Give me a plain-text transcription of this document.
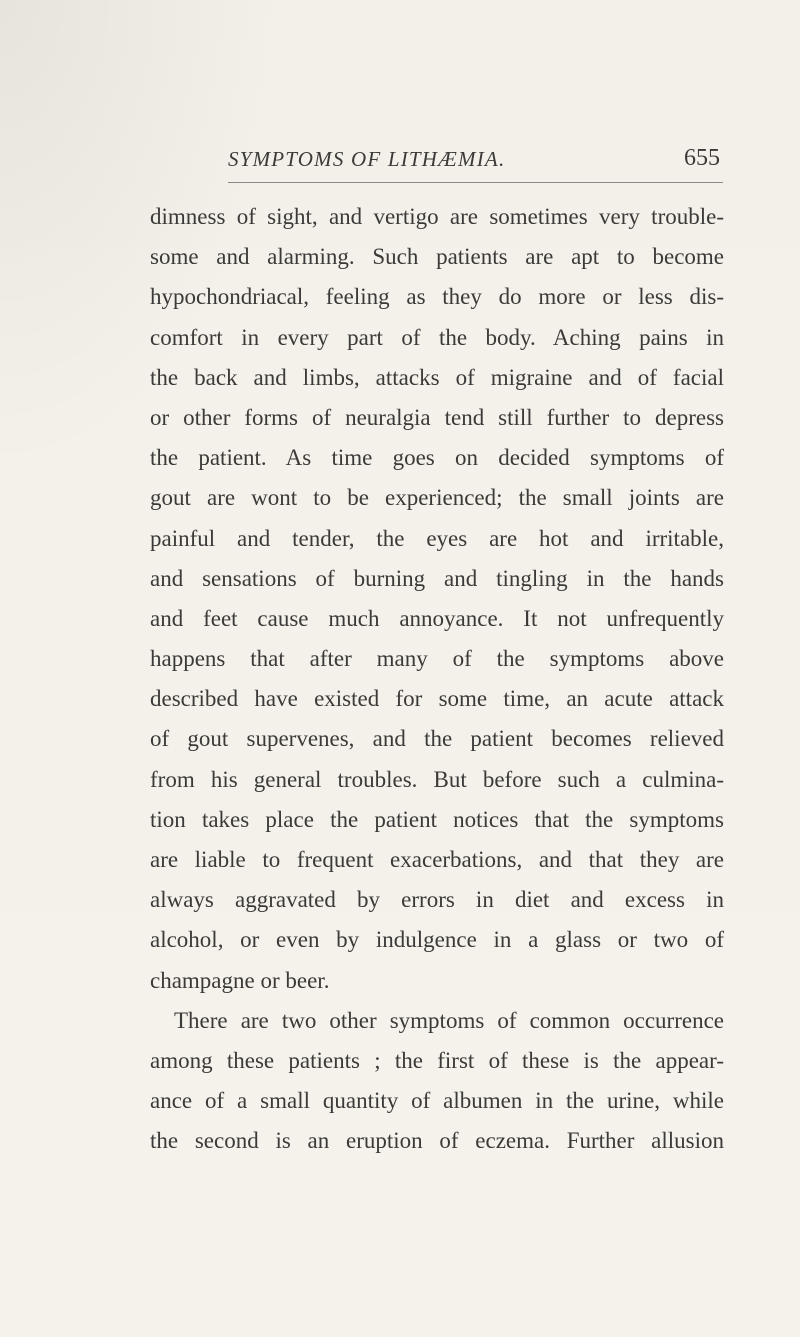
SYMPTOMS OF LITHÆMIA.	655
dimness of sight, and vertigo are sometimes very trouble-
some and alarming. Such patients are apt to become
hypochondriacal, feeling as they do more or less dis-
comfort in every part of the body. Aching pains in
the back and limbs, attacks of migraine and of facial
or other forms of neuralgia tend still further to depress
the patient. As time goes on decided symptoms of
gout are wont to be experienced; the small joints are
painful and tender, the eyes are hot and irritable,
and sensations of burning and tingling in the hands
and feet cause much annoyance. It not unfrequently
happens that after many of the symptoms above
described have existed for some time, an acute attack
of gout supervenes, and the patient becomes relieved
from his general troubles. But before such a culmina-
tion takes place the patient notices that the symptoms
are liable to frequent exacerbations, and that they are
always aggravated by errors in diet and excess in
alcohol, or even by indulgence in a glass or two of
champagne or beer.
There are two other symptoms of common occurrence
among these patients ; the first of these is the appear-
ance of a small quantity of albumen in the urine, while
the second is an eruption of eczema. Further allusion
